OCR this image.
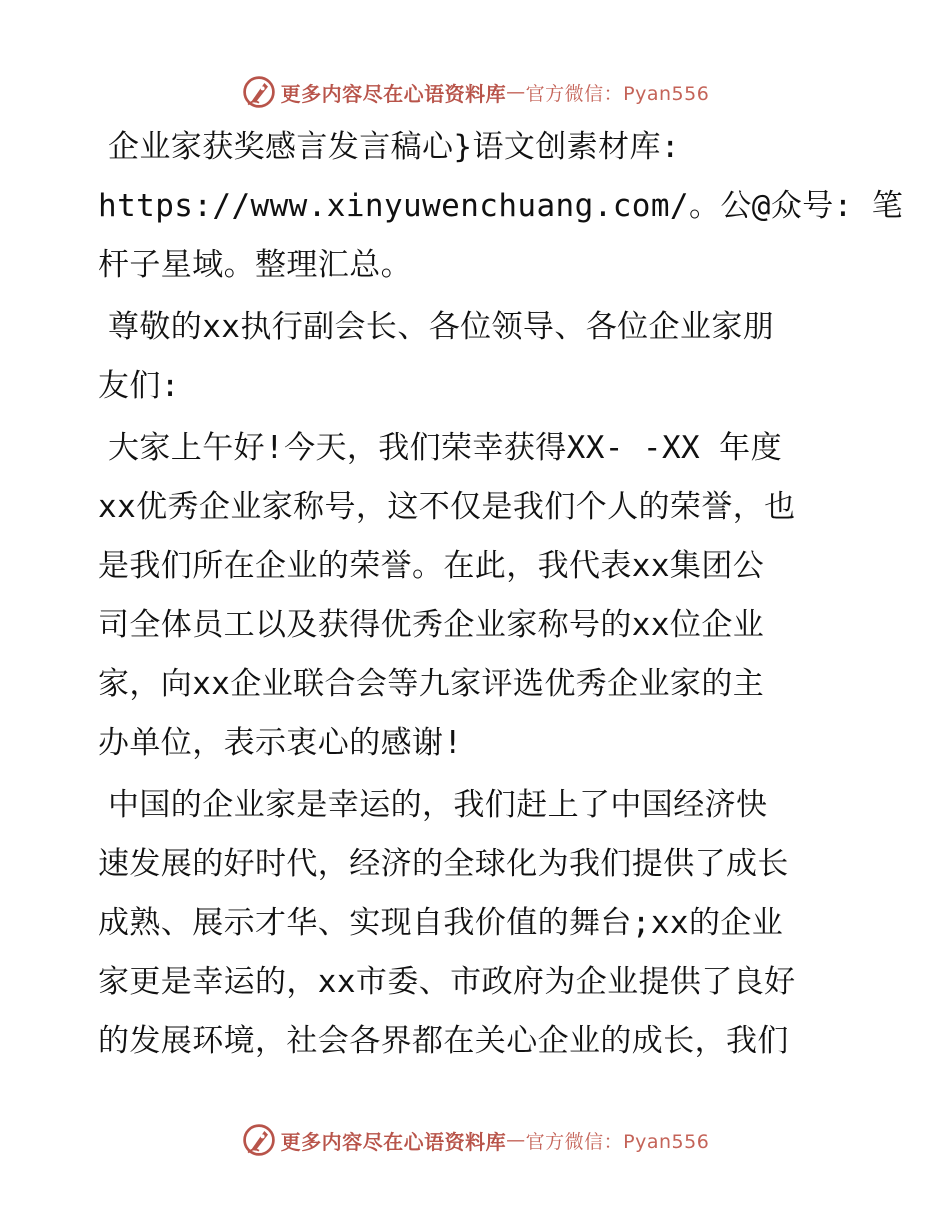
更多内容尽在心语资料库 — 官方微信：Pyan556
企业家获奖感言发言稿心}语文创素材库:
https://www.xinyuwenchuang.com/。公@众号: 笔
杆子星域。整理汇总。
尊敬的xx执行副会长、各位领导、各位企业家朋
友们:
大家上午好!今天，我们荣幸获得XX- -XX 年度
xx优秀企业家称号，这不仅是我们个人的荣誉，也
是我们所在企业的荣誉。在此，我代表xx集团公
司全体员工以及获得优秀企业家称号的xx位企业
家，向xx企业联合会等九家评选优秀企业家的主
办单位，表示衷心的感谢!
中国的企业家是幸运的，我们赶上了中国经济快
速发展的好时代，经济的全球化为我们提供了成长
成熟、展示才华、实现自我价值的舞台;xx的企业
家更是幸运的，xx市委、市政府为企业提供了良好
的发展环境，社会各界都在关心企业的成长，我们
更多内容尽在心语资料库 — 官方微信：Pyan556
